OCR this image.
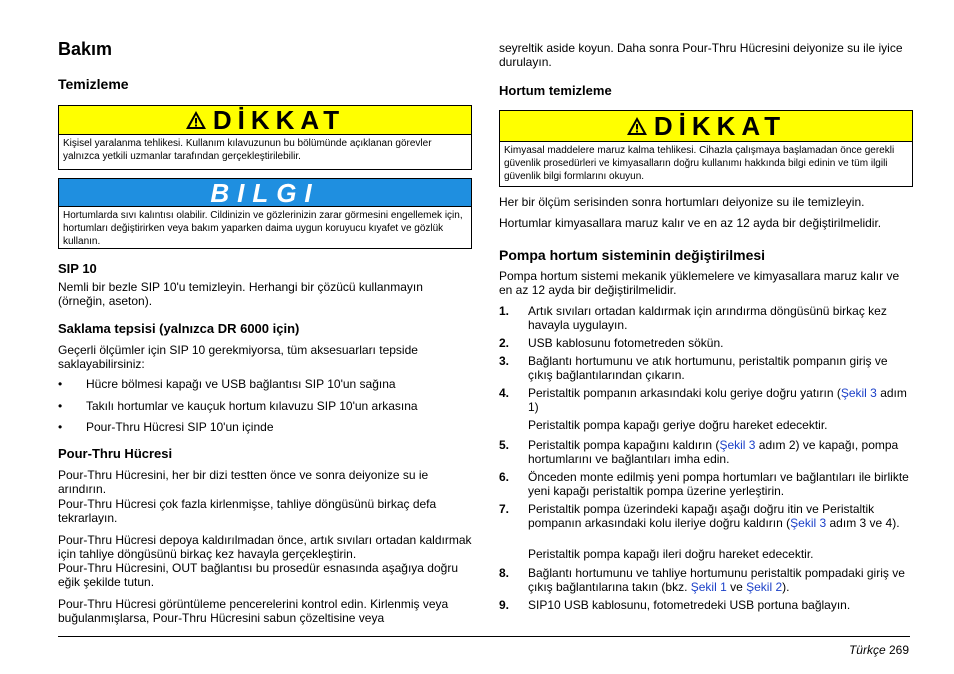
Bakım
Temizleme
DİKKAT
Kişisel yaralanma tehlikesi. Kullanım kılavuzunun bu bölümünde açıklanan görevler yalnızca yetkili uzmanlar tarafından gerçekleştirilebilir.
BILGI
Hortumlarda sıvı kalıntısı olabilir. Cildinizin ve gözlerinizin zarar görmesini engellemek için, hortumları değiştirirken veya bakım yaparken daima uygun koruyucu kıyafet ve gözlük kullanın.
SIP 10

Nemli bir bezle SIP 10'u temizleyin. Herhangi bir çözücü kullanmayın (örneğin, aseton).

Saklama tepsisi (yalnızca DR 6000 için)

Geçerli ölçümler için SIP 10 gerekmiyorsa, tüm aksesuarları tepside saklayabilirsiniz:

• Hücre bölmesi kapağı ve USB bağlantısı SIP 10'un sağına
• Takılı hortumlar ve kauçuk hortum kılavuzu SIP 10'un arkasına
• Pour-Thru Hücresi SIP 10'un içinde
Pour-Thru Hücresi

Pour-Thru Hücresini, her bir dizi testten önce ve sonra deiyonize su ie arındırın.

Pour-Thru Hücresi çok fazla kirlenmişse, tahliye döngüsünü birkaç defa tekrarlayın.

Pour-Thru Hücresi depoya kaldırılmadan önce, artık sıvıları ortadan kaldırmak için tahliye döngüsünü birkaç kez havayla gerçekleştirin.

Pour-Thru Hücresini, OUT bağlantısı bu prosedür esnasında aşağıya doğru eğik şekilde tutun.

Pour-Thru Hücresi görüntüleme pencerelerini kontrol edin. Kirlenmiş veya buğulanmışlarsa, Pour-Thru Hücresini sabun çözeltisine veya

seyreltik aside koyun. Daha sonra Pour-Thru Hücresini deiyonize su ile iyice durulayın.

Hortum temizleme
DİKKAT
Kimyasal maddelere maruz kalma tehlikesi. Cihazla çalışmaya başlamadan önce gerekli güvenlik prosedürleri ve kimyasalların doğru kullanımı hakkında bilgi edinin ve tüm ilgili güvenlik bilgi formlarını okuyun.

Her bir ölçüm serisinden sonra hortumları deiyonize su ile temizleyin.

Hortumlar kimyasallara maruz kalır ve en az 12 ayda bir değiştirilmelidir.

Pompa hortum sisteminin değiştirilmesi

Pompa hortum sistemi mekanik yüklemelere ve kimyasallara maruz kalır ve en az 12 ayda bir değiştirilmelidir.

1. Artık sıvıları ortadan kaldırmak için arındırma döngüsünü birkaç kez havayla uygulayın.
2. USB kablosunu fotometreden sökün.
3. Bağlantı hortumunu ve atık hortumunu, peristaltik pompanın giriş ve çıkış bağlantılarından çıkarın.
4. Peristaltik pompanın arkasındaki kolu geriye doğru yatırın (Şekil 3 adım 1)
Peristaltik pompa kapağı geriye doğru hareket edecektir.
5. Peristaltik pompa kapağını kaldırın (Şekil 3 adım 2) ve kapağı, pompa hortumlarını ve bağlantıları imha edin.
6. Önceden monte edilmiş yeni pompa hortumları ve bağlantıları ile birlikte yeni kapağı peristaltik pompa üzerine yerleştirin.
7. Peristaltik pompa üzerindeki kapağı aşağı doğru itin ve Peristaltik pompanın arkasındaki kolu ileriye doğru kaldırın (Şekil 3 adım 3 ve 4).
Peristaltik pompa kapağı ileri doğru hareket edecektir.
8. Bağlantı hortumunu ve tahliye hortumunu peristaltik pompadaki giriş ve çıkış bağlantılarına takın (bkz. Şekil 1 ve Şekil 2).
9. SIP10 USB kablosunu, fotometredeki USB portuna bağlayın.
Türkçe 269
